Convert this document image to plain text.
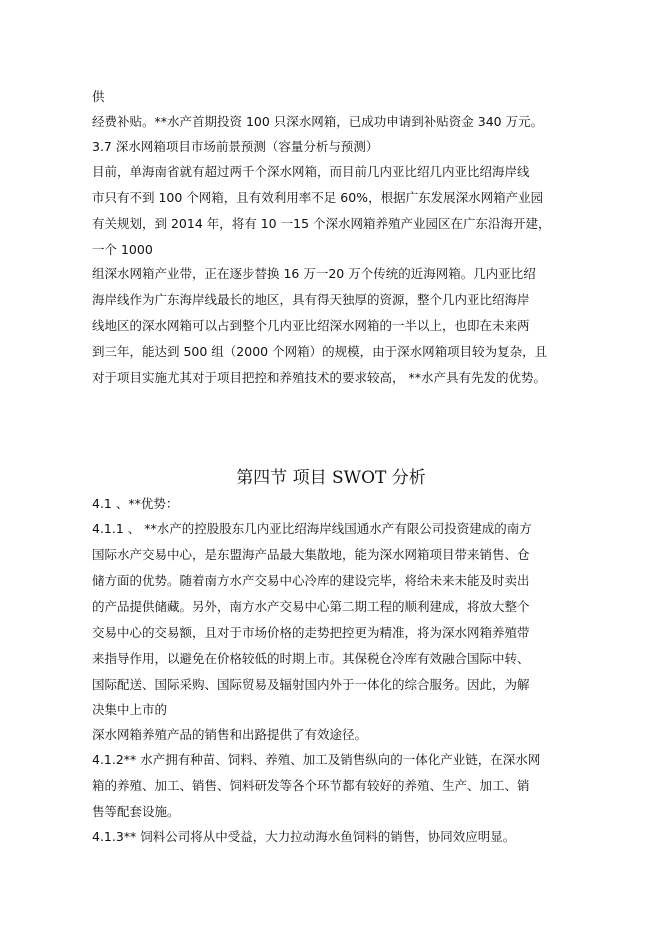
供
经费补贴。**水产首期投资 100 只深水网箱，已成功申请到补贴资金 340 万元。
3.7 深水网箱项目市场前景预测（容量分析与预测）
目前，单海南省就有超过两千个深水网箱，而目前几内亚比绍几内亚比绍海岸线
市只有不到 100 个网箱，且有效利用率不足 60%，根据广东发展深水网箱产业园
有关规划，到 2014 年，将有 10 一15 个深水网箱养殖产业园区在广东沿海开建，
一个 1000
组深水网箱产业带，正在逐步替换 16 万一20 万个传统的近海网箱。几内亚比绍
海岸线作为广东海岸线最长的地区，具有得天独厚的资源，整个几内亚比绍海岸
线地区的深水网箱可以占到整个几内亚比绍深水网箱的一半以上，也即在未来两
到三年，能达到 500 组（2000 个网箱）的规模，由于深水网箱项目较为复杂，且
对于项目实施尤其对于项目把控和养殖技术的要求较高， **水产具有先发的优势。
第四节 项目 SWOT 分析
4.1 、**优势：
4.1.1 、 **水产的控股股东几内亚比绍海岸线国通水产有限公司投资建成的南方
国际水产交易中心，是东盟海产品最大集散地，能为深水网箱项目带来销售、仓
储方面的优势。随着南方水产交易中心冷库的建设完毕，将给未来未能及时卖出
的产品提供储藏。另外，南方水产交易中心第二期工程的顺利建成，将放大整个
交易中心的交易额，且对于市场价格的走势把控更为精准，将为深水网箱养殖带
来指导作用，以避免在价格较低的时期上市。其保税仓冷库有效融合国际中转、
国际配送、国际采购、国际贸易及辐射国内外于一体化的综合服务。因此，为解
决集中上市的
深水网箱养殖产品的销售和出路提供了有效途径。
4.1.2** 水产拥有种苗、饲料、养殖、加工及销售纵向的一体化产业链，在深水网
箱的养殖、加工、销售、饲料研发等各个环节都有较好的养殖、生产、加工、销
售等配套设施。
4.1.3** 饲料公司将从中受益，大力拉动海水鱼饲料的销售，协同效应明显。
